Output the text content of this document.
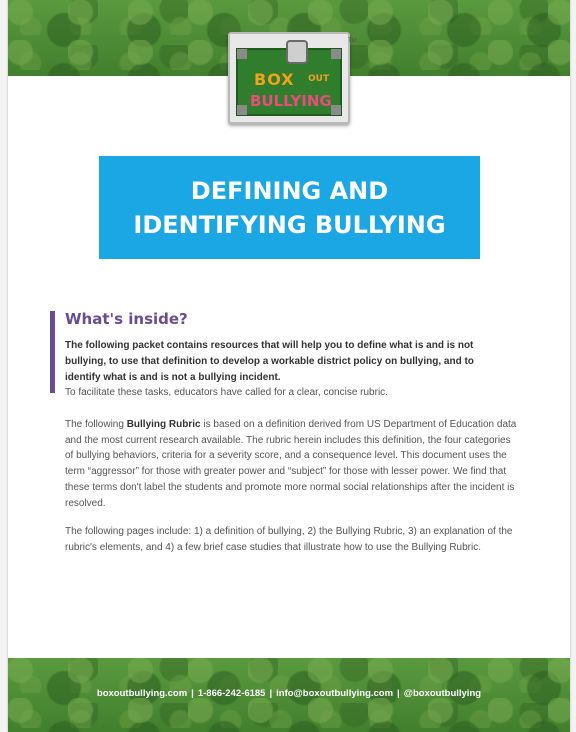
BOX OUT
BULLYING
TM
DEFINING AND
IDENTIFYING BULLYING
What's inside?
The following packet contains resources that will help you to define what is and is not bullying, to use that definition to develop a workable district policy on bullying, and to identify what is and is not a bullying incident.
To facilitate these tasks, educators have called for a clear, concise rubric.
The following Bullying Rubric is based on a definition derived from US Department of Education data and the most current research available. The rubric herein includes this definition, the four categories of bullying behaviors, criteria for a severity score, and a consequence level. This document uses the term “aggressor” for those with greater power and “subject” for those with lesser power. We find that these terms don't label the students and promote more normal social relationships after the incident is resolved.
The following pages include: 1) a definition of bullying, 2) the Bullying Rubric, 3) an explanation of the rubric's elements, and 4) a few brief case studies that illustrate how to use the Bullying Rubric.
boxoutbullying.com | 1-866-242-6185 | info@boxoutbullying.com | @boxoutbullying
